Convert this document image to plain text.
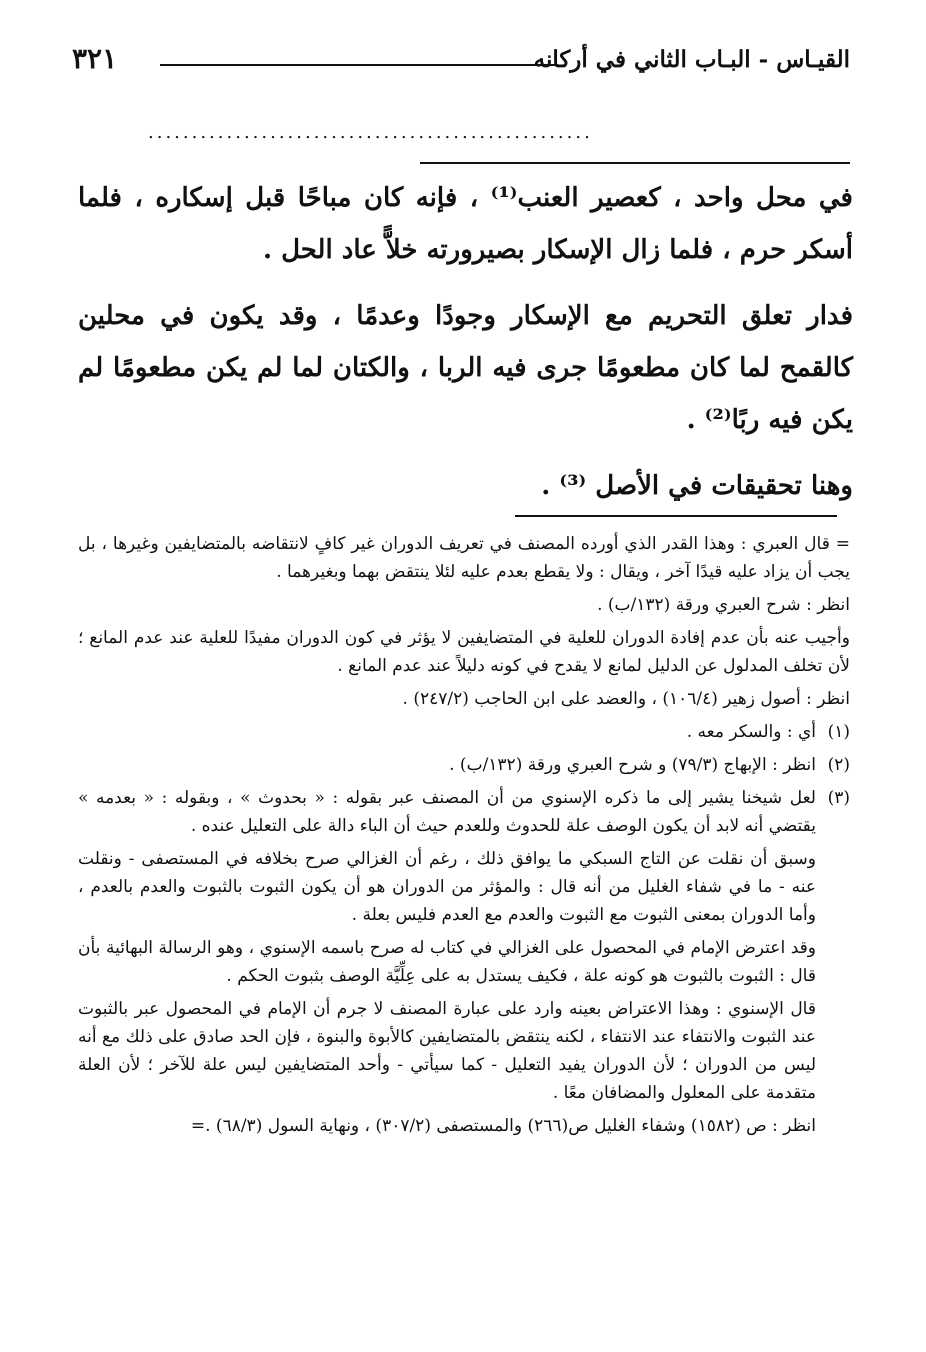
القيـاس - البـاب الثاني في أركانه
٣٢١
...................................................

في محل واحد ، كعصير العنب⁽¹⁾ ، فإنه كان مباحًا قبل إسكاره ، فلما أسكر حرم ، فلما زال الإسكار بصيرورته خلاًّ عاد الحل .

فدار تعلق التحريم مع الإسكار وجودًا وعدمًا ، وقد يكون في محلين كالقمح لما كان مطعومًا جرى فيه الربا ، والكتان لما لم يكن مطعومًا لم يكن فيه ربًا⁽²⁾ .

وهنا تحقيقات في الأصل ⁽³⁾ .

= قال العبري : وهذا القدر الذي أورده المصنف في تعريف الدوران غير كافٍ لانتقاضه بالمتضايفين وغيرها ، بل يجب أن يزاد عليه قيدًا آخر ، ويقال : ولا يقطع بعدم عليه لئلا ينتقض بهما وبغيرهما .

انظر : شرح العبري ورقة (١٣٢/ب) .

وأجيب عنه بأن عدم إفادة الدوران للعلية في المتضايفين لا يؤثر في كون الدوران مفيدًا للعلية عند عدم المانع ؛ لأن تخلف المدلول عن الدليل لمانع لا يقدح في كونه دليلاً عند عدم المانع .

انظر : أصول زهير (١٠٦/٤) ، والعضد على ابن الحاجب (٢٤٧/٢) .

(١)
أي : والسكر معه .

(٢)
انظر : الإبهاج (٧٩/٣) و شرح العبري ورقة (١٣٢/ب) .

(٣)
لعل شيخنا يشير إلى ما ذكره الإسنوي من أن المصنف عبر بقوله : « بحدوث » ، وبقوله : « بعدمه » يقتضي أنه لابد أن يكون الوصف علة للحدوث وللعدم حيث أن الباء دالة على التعليل عنده .

وسبق أن نقلت عن التاج السبكي ما يوافق ذلك ، رغم أن الغزالي صرح بخلافه في المستصفى - ونقلت عنه - ما في شفاء الغليل من أنه قال : والمؤثر من الدوران هو أن يكون الثبوت بالثبوت والعدم بالعدم ، وأما الدوران بمعنى الثبوت مع الثبوت والعدم مع العدم فليس بعلة .

وقد اعترض الإمام في المحصول على الغزالي في كتاب له صرح باسمه الإسنوي ، وهو الرسالة البهائية بأن قال : الثبوت بالثبوت هو كونه علة ، فكيف يستدل به على عِلِّيَّة الوصف بثبوت الحكم .

قال الإسنوي : وهذا الاعتراض بعينه وارد على عبارة المصنف لا جرم أن الإمام في المحصول عبر بالثبوت عند الثبوت والانتفاء عند الانتفاء ، لكنه ينتقض بالمتضايفين كالأبوة والبنوة ، فإن الحد صادق على ذلك مع أنه ليس من الدوران ؛ لأن الدوران يفيد التعليل - كما سيأتي - وأحد المتضايفين ليس علة للآخر ؛ لأن العلة متقدمة على المعلول والمضافان معًا .

انظر : ص (١٥٨٢) وشفاء الغليل ص(٢٦٦) والمستصفى (٣٠٧/٢) ، ونهاية السول (٦٨/٣) .=
